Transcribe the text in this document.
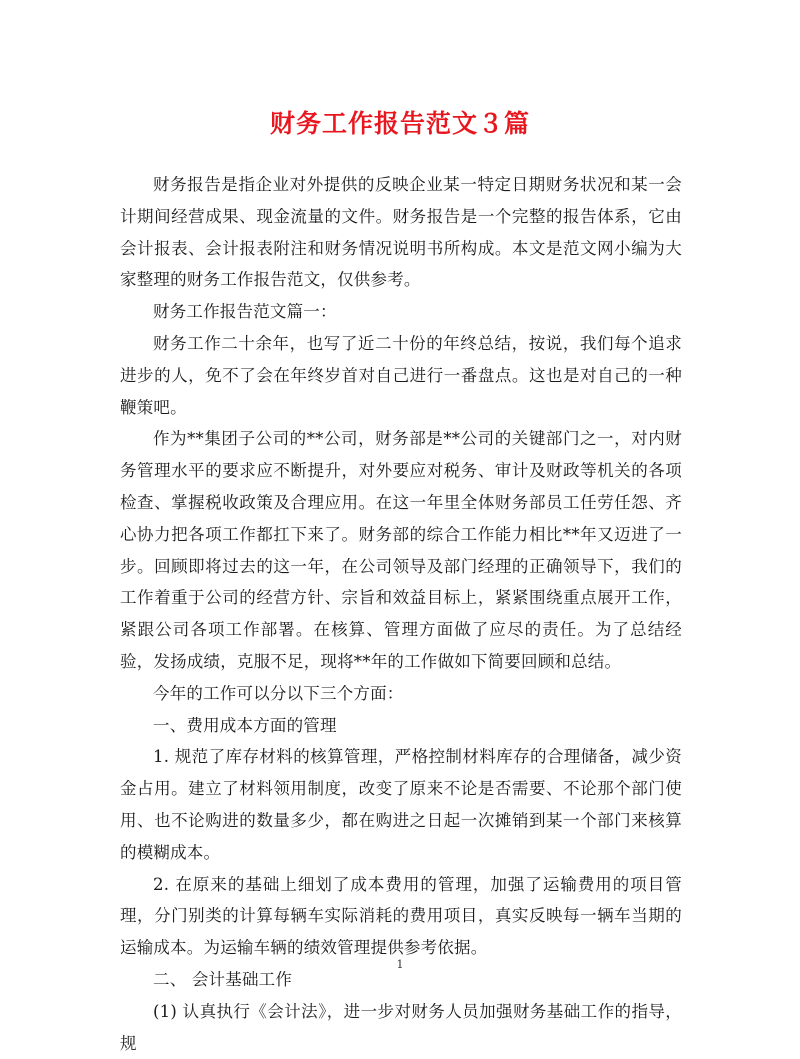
财务工作报告范文３篇

财务报告是指企业对外提供的反映企业某一特定日期财务状况和某一会计期间经营成果、现金流量的文件。财务报告是一个完整的报告体系，它由会计报表、会计报表附注和财务情况说明书所构成。本文是范文网小编为大家整理的财务工作报告范文，仅供参考。

财务工作报告范文篇一：

财务工作二十余年，也写了近二十份的年终总结，按说，我们每个追求进步的人，免不了会在年终岁首对自己进行一番盘点。这也是对自己的一种鞭策吧。

作为**集团子公司的**公司，财务部是**公司的关键部门之一，对内财务管理水平的要求应不断提升，对外要应对税务、审计及财政等机关的各项检查、掌握税收政策及合理应用。在这一年里全体财务部员工任劳任怨、齐心协力把各项工作都扛下来了。财务部的综合工作能力相比**年又迈进了一步。回顾即将过去的这一年，在公司领导及部门经理的正确领导下，我们的工作着重于公司的经营方针、宗旨和效益目标上，紧紧围绕重点展开工作，紧跟公司各项工作部署。在核算、管理方面做了应尽的责任。为了总结经验，发扬成绩，克服不足，现将**年的工作做如下简要回顾和总结。

今年的工作可以分以下三个方面：

一、费用成本方面的管理

1. 规范了库存材料的核算管理，严格控制材料库存的合理储备，减少资金占用。建立了材料领用制度，改变了原来不论是否需要、不论那个部门使用、也不论购进的数量多少，都在购进之日起一次摊销到某一个部门来核算的模糊成本。

2. 在原来的基础上细划了成本费用的管理，加强了运输费用的项目管理，分门别类的计算每辆车实际消耗的费用项目，真实反映每一辆车当期的运输成本。为运输车辆的绩效管理提供参考依据。

二、 会计基础工作

(1) 认真执行《会计法》，进一步对财务人员加强财务基础工作的指导，规

1
